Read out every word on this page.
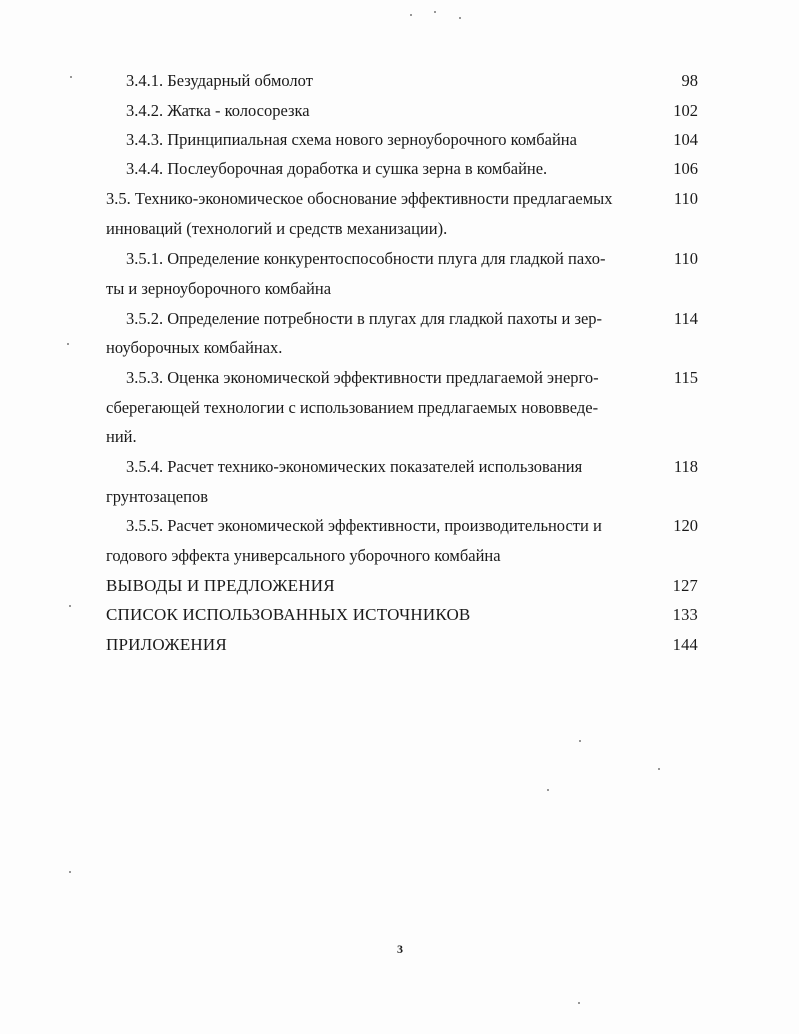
3.4.1. Безударный обмолот	98
3.4.2. Жатка - колосорезка	102
3.4.3. Принципиальная схема нового зерноуборочного комбайна	104
3.4.4. Послеуборочная доработка и сушка зерна в комбайне.	106
3.5. Технико-экономическое обоснование эффективности предлагаемых	110
инноваций (технологий и средств механизации).
3.5.1. Определение конкурентоспособности плуга для гладкой пахо-	110
ты и зерноуборочного комбайна
3.5.2. Определение потребности в плугах для гладкой пахоты и зер-	114
ноуборочных комбайнах.
3.5.3. Оценка экономической эффективности предлагаемой энерго-	115
сберегающей технологии с использованием предлагаемых нововведе-
ний.
3.5.4. Расчет технико-экономических показателей использования	118
грунтозацепов
3.5.5. Расчет экономической эффективности, производительности и	120
годового эффекта универсального уборочного комбайна
ВЫВОДЫ И ПРЕДЛОЖЕНИЯ	127
СПИСОК ИСПОЛЬЗОВАННЫХ ИСТОЧНИКОВ	133
ПРИЛОЖЕНИЯ	144
3
